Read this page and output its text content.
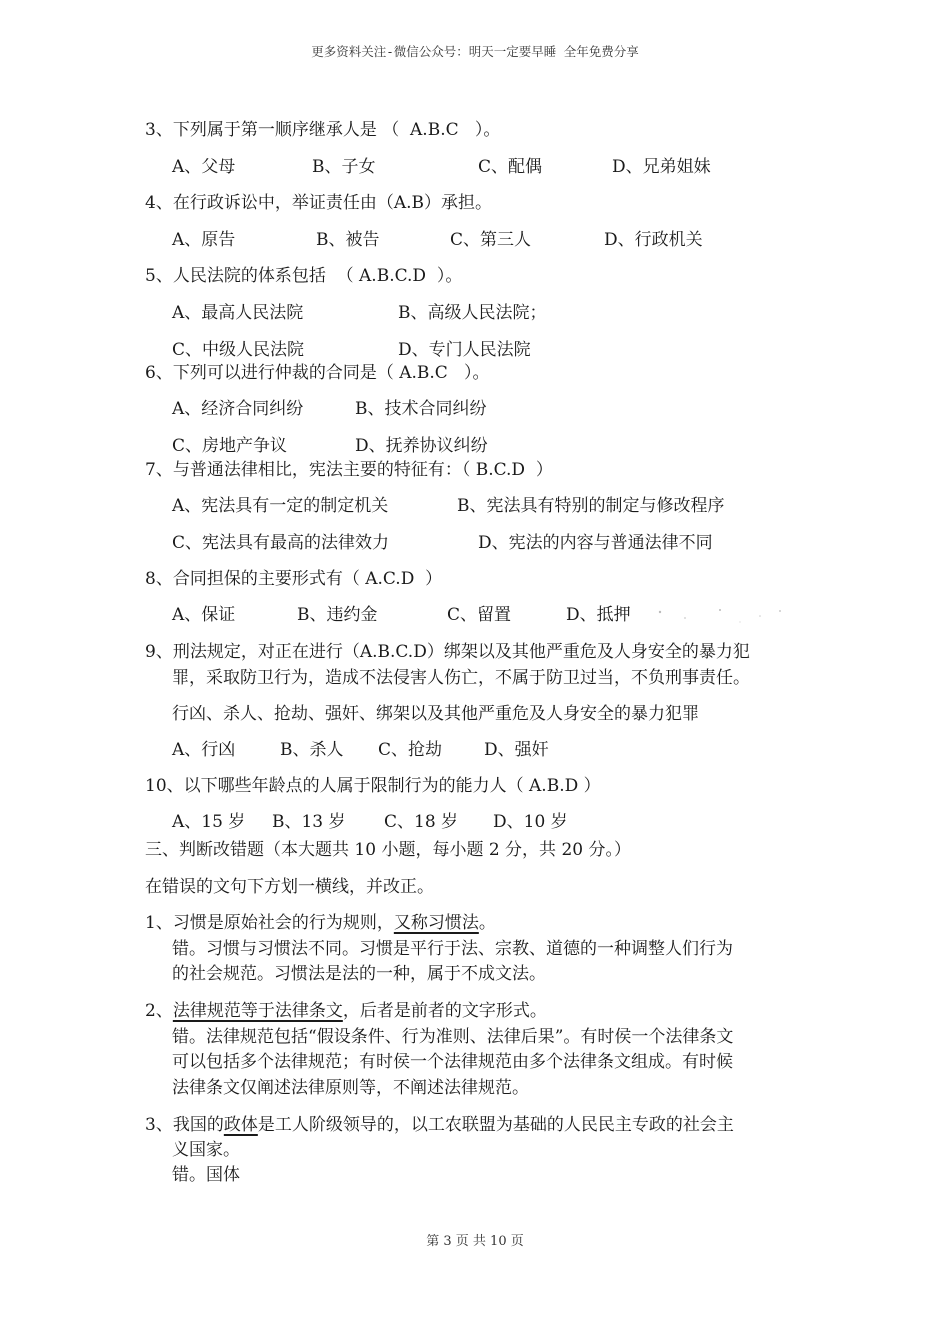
更多资料关注-微信公众号：明天一定要早睡 全年免费分享
3、下列属于第一顺序继承人是 （  A.B.C   ）。
A、父母	B、子女	C、配偶	D、兄弟姐妹
4、在行政诉讼中，举证责任由（A.B）承担。
A、原告	B、被告	C、第三人	D、行政机关
5、人民法院的体系包括  （ A.B.C.D  ）。
A、最高人民法院	B、高级人民法院；
C、中级人民法院	D、专门人民法院
6、下列可以进行仲裁的合同是（ A.B.C   ）。
A、经济合同纠纷	B、技术合同纠纷
C、房地产争议	D、抚养协议纠纷
7、与普通法律相比，宪法主要的特征有：（ B.C.D  ）
A、宪法具有一定的制定机关	B、宪法具有特别的制定与修改程序
C、宪法具有最高的法律效力	D、宪法的内容与普通法律不同
8、合同担保的主要形式有（ A.C.D  ）
A、保证	B、违约金	C、留置	D、抵押
9、刑法规定，对正在进行（A.B.C.D）绑架以及其他严重危及人身安全的暴力犯
罪，采取防卫行为，造成不法侵害人伤亡，不属于防卫过当，不负刑事责任。
行凶、杀人、抢劫、强奸、绑架以及其他严重危及人身安全的暴力犯罪
A、行凶	B、杀人 C、抢劫 D、强奸
10、以下哪些年龄点的人属于限制行为的能力人（ A.B.D ）
A、15 岁 B、13 岁 C、18 岁 D、10 岁
三、判断改错题（本大题共 10 小题，每小题 2 分，共 20 分。）
在错误的文句下方划一横线，并改正。
1、习惯是原始社会的行为规则，又称习惯法。
错。习惯与习惯法不同。习惯是平行于法、宗教、道德的一种调整人们行为
的社会规范。习惯法是法的一种，属于不成文法。
2、法律规范等于法律条文，后者是前者的文字形式。
错。法律规范包括“假设条件、行为准则、法律后果”。有时侯一个法律条文
可以包括多个法律规范；有时侯一个法律规范由多个法律条文组成。有时候
法律条文仅阐述法律原则等，不阐述法律规范。
3、我国的政体是工人阶级领导的，以工农联盟为基础的人民民主专政的社会主
义国家。
错。国体
第 3 页 共 10 页
